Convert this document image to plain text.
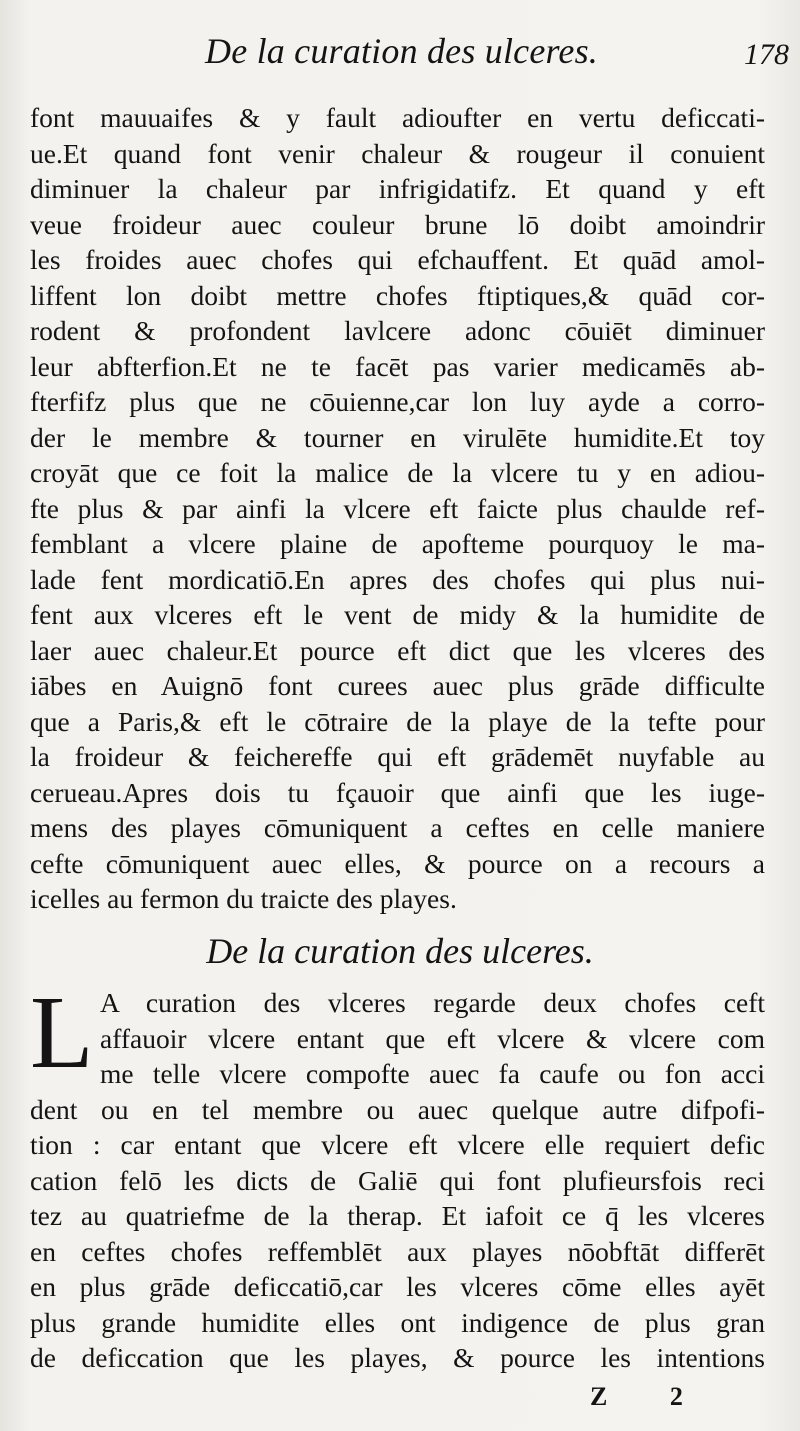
De la curation des ulceres.	178
font mauuaifes & y fault adioufter en vertu deficcati-
ue.Et quand font venir chaleur & rougeur il conuient
diminuer la chaleur par infrigidatifz. Et quand y eft
veue froideur auec couleur brune lō doibt amoindrir
les froides auec chofes qui efchauffent. Et quād amol-
liffent lon doibt mettre chofes ftiptiques,& quād cor-
rodent & profondent lavlcere adonc cōuiēt diminuer
leur abfterfion.Et ne te facēt pas varier medicamēs ab-
fterfifz plus que ne cōuienne,car lon luy ayde a corro-
der le membre & tourner en virulēte humidite.Et toy
croyāt que ce foit la malice de la vlcere tu y en adiou-
fte plus & par ainfi la vlcere eft faicte plus chaulde ref-
femblant a vlcere plaine de apofteme pourquoy le ma-
lade fent mordicatiō.En apres des chofes qui plus nui-
fent aux vlceres eft le vent de midy & la humidite de
laer auec chaleur.Et pource eft dict que les vlceres des
iābes en Auignō font curees auec plus grāde difficulte
que a Paris,& eft le cōtraire de la playe de la tefte pour
la froideur & feichereffe qui eft grādemēt nuyfable au
cerueau.Apres dois tu fçauoir que ainfi que les iuge-
mens des playes cōmuniquent a ceftes en celle maniere
cefte cōmuniquent auec elles, & pource on a recours a
icelles au fermon du traicte des playes.
De la curation des ulceres.
L A curation des vlceres regarde deux chofes ceft
affauoir vlcere entant que eft vlcere & vlcere com
me telle vlcere compofte auec fa caufe ou fon acci
dent ou en tel membre ou auec quelque autre difpofi-
tion : car entant que vlcere eft vlcere elle requiert defic
cation felō les dicts de Galiē qui font plufieursfois reci
tez au quatriefme de la therap. Et iafoit ce q̄ les vlceres
en ceftes chofes reffemblēt aux playes nōobftāt differēt
en plus grāde deficcatiō,car les vlceres cōme elles ayēt
plus grande humidite elles ont indigence de plus gran
de deficcation que les playes, & pource les intentions
Z 2
